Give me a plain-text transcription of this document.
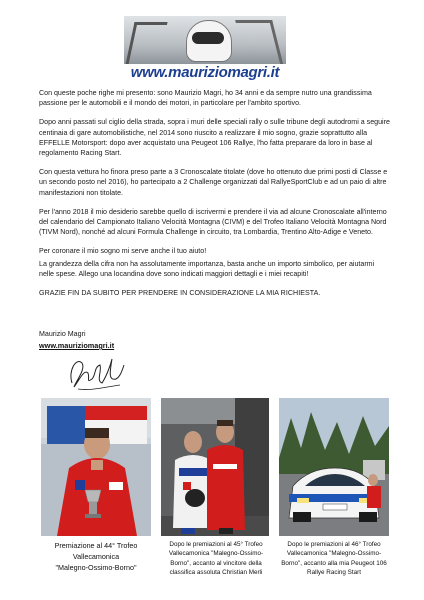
www.mauriziomagri.it

Con queste poche righe mi presento: sono Maurizio Magri, ho 34 anni e da sempre nutro una grandissima passione per le automobili e il mondo dei motori, in particolare per l'ambito sportivo.

Dopo anni passati sul ciglio della strada, sopra i muri delle speciali rally o sulle tribune degli autodromi a seguire centinaia di gare automobilistiche, nel 2014 sono riuscito a realizzare il mio sogno, grazie soprattutto alla EFFELLE Motorsport: dopo aver acquistato una Peugeot 106 Rallye, l'ho fatta preparare da loro in base al regolamento Racing Start.

Con questa vettura ho finora preso parte a 3 Cronoscalate titolate (dove ho ottenuto due primi posti di Classe e un secondo posto nel 2016), ho partecipato a 2 Challenge organizzati dal RallyeSportClub e ad un paio di altre manifestazioni non titolate.

Per l'anno 2018 il mio desiderio sarebbe quello di iscrivermi e prendere il via ad alcune Cronoscalate all'interno del calendario del Campionato Italiano Velocità Montagna (CIVM) e del Trofeo Italiano Velocità Montagna Nord (TIVM Nord), nonché ad alcuni Formula Challenge in circuito, tra Lombardia, Trentino Alto-Adige e Veneto.

Per coronare il mio sogno mi serve anche il tuo aiuto!

La grandezza della cifra non ha assolutamente importanza, basta anche un importo simbolico, per aiutarmi nelle spese. Allego una locandina dove sono indicati maggiori dettagli e i miei recapiti!

GRAZIE FIN DA SUBITO PER PRENDERE IN CONSIDERAZIONE LA MIA RICHIESTA.

Maurizio Magri
www.mauriziomagri.it
Premiazione al 44° Trofeo
Vallecamonica
"Malegno-Ossimo-Borno"
Dopo le premiazioni al 45° Trofeo
Vallecamonica "Malegno-Ossimo-
Borno", accanto al vincitore della
classifica assoluta Christian Merli
Dopo le premiazioni al 46° Trofeo
Vallecamonica "Malegno-Ossimo-
Borno", accanto alla mia Peugeot 106
Rallye Racing Start
